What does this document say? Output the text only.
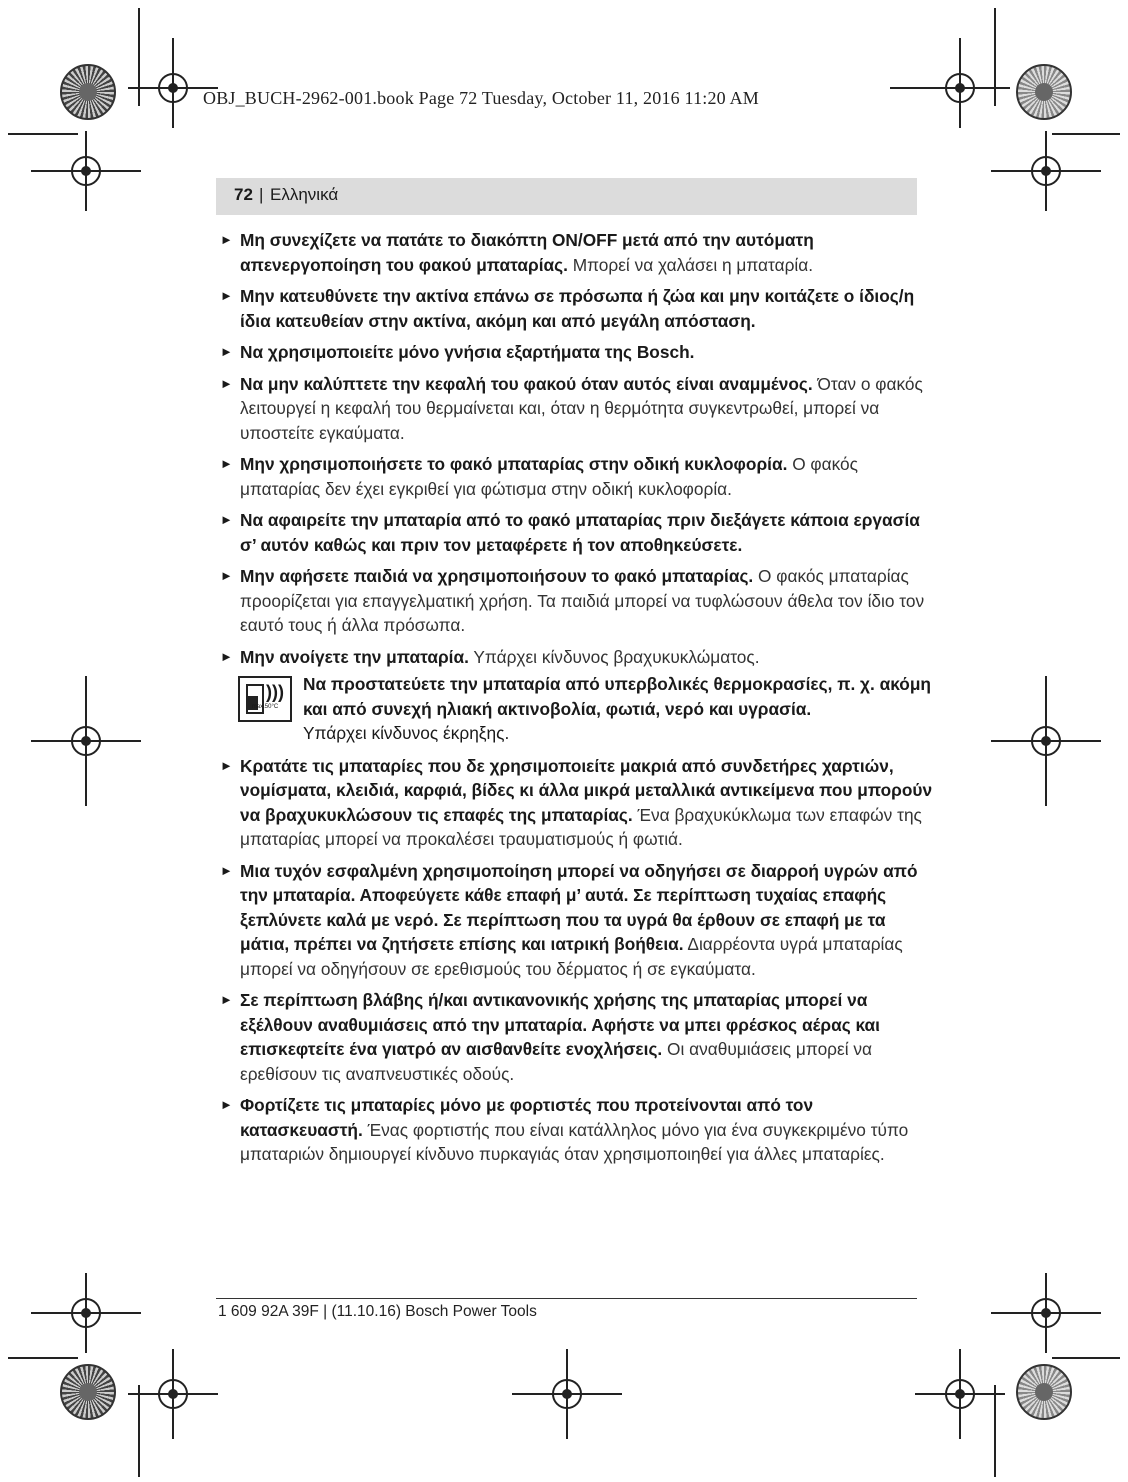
OBJ_BUCH-2962-001.book Page 72 Tuesday, October 11, 2016 11:20 AM
72 | Ελληνικά
► Μη συνεχίζετε να πατάτε το διακόπτη ON/OFF μετά από την αυτόματη απενεργοποίηση του φακού μπαταρίας. Μπορεί να χαλάσει η μπαταρία.
► Μην κατευθύνετε την ακτίνα επάνω σε πρόσωπα ή ζώα και μην κοιτάζετε ο ίδιος/η ίδια κατευθείαν στην ακτίνα, ακόμη και από μεγάλη απόσταση.
► Να χρησιμοποιείτε μόνο γνήσια εξαρτήματα της Bosch.
► Να μην καλύπτετε την κεφαλή του φακού όταν αυτός είναι αναμμένος. Όταν ο φακός λειτουργεί η κεφαλή του θερμαίνεται και, όταν η θερμότητα συγκεντρωθεί, μπορεί να υποστείτε εγκαύματα.
► Μην χρησιμοποιήσετε το φακό μπαταρίας στην οδική κυκλοφορία. Ο φακός μπαταρίας δεν έχει εγκριθεί για φώτισμα στην οδική κυκλοφορία.
► Να αφαιρείτε την μπαταρία από το φακό μπαταρίας πριν διεξάγετε κάποια εργασία σ’ αυτόν καθώς και πριν τον μεταφέρετε ή τον αποθηκεύσετε.
► Μην αφήσετε παιδιά να χρησιμοποιήσουν το φακό μπαταρίας. Ο φακός μπαταρίας προορίζεται για επαγγελματική χρήση. Τα παιδιά μπορεί να τυφλώσουν άθελα τον ίδιο τον εαυτό τους ή άλλα πρόσωπα.
► Μην ανοίγετε την μπαταρία. Υπάρχει κίνδυνος βραχυκυκλώματος.
)))
max.50°C
Να προστατεύετε την μπαταρία από υπερβολικές θερμοκρασίες, π. χ. ακόμη και από συνεχή ηλιακή ακτινοβολία, φωτιά, νερό και υγρασία.
Υπάρχει κίνδυνος έκρηξης.
► Κρατάτε τις μπαταρίες που δε χρησιμοποιείτε μακριά από συνδετήρες χαρτιών, νομίσματα, κλειδιά, καρφιά, βίδες κι άλλα μικρά μεταλλικά αντικείμενα που μπορούν να βραχυκυκλώσουν τις επαφές της μπαταρίας. Ένα βραχυκύκλωμα των επαφών της μπαταρίας μπορεί να προκαλέσει τραυματισμούς ή φωτιά.
► Μια τυχόν εσφαλμένη χρησιμοποίηση μπορεί να οδηγήσει σε διαρροή υγρών από την μπαταρία. Αποφεύγετε κάθε επαφή μ’ αυτά. Σε περίπτωση τυχαίας επαφής ξεπλύνετε καλά με νερό. Σε περίπτωση που τα υγρά θα έρθουν σε επαφή με τα μάτια, πρέπει να ζητήσετε επίσης και ιατρική βοήθεια. Διαρρέοντα υγρά μπαταρίας μπορεί να οδηγήσουν σε ερεθισμούς του δέρματος ή σε εγκαύματα.
► Σε περίπτωση βλάβης ή/και αντικανονικής χρήσης της μπαταρίας μπορεί να εξέλθουν αναθυμιάσεις από την μπαταρία. Αφήστε να μπει φρέσκος αέρας και επισκεφτείτε ένα γιατρό αν αισθανθείτε ενοχλήσεις. Οι αναθυμιάσεις μπορεί να ερεθίσουν τις αναπνευστικές οδούς.
► Φορτίζετε τις μπαταρίες μόνο με φορτιστές που προτείνονται από τον κατασκευαστή. Ένας φορτιστής που είναι κατάλληλος μόνο για ένα συγκεκριμένο τύπο μπαταριών δημιουργεί κίνδυνο πυρκαγιάς όταν χρησιμοποιηθεί για άλλες μπαταρίες.
1 609 92A 39F | (11.10.16) Bosch Power Tools
